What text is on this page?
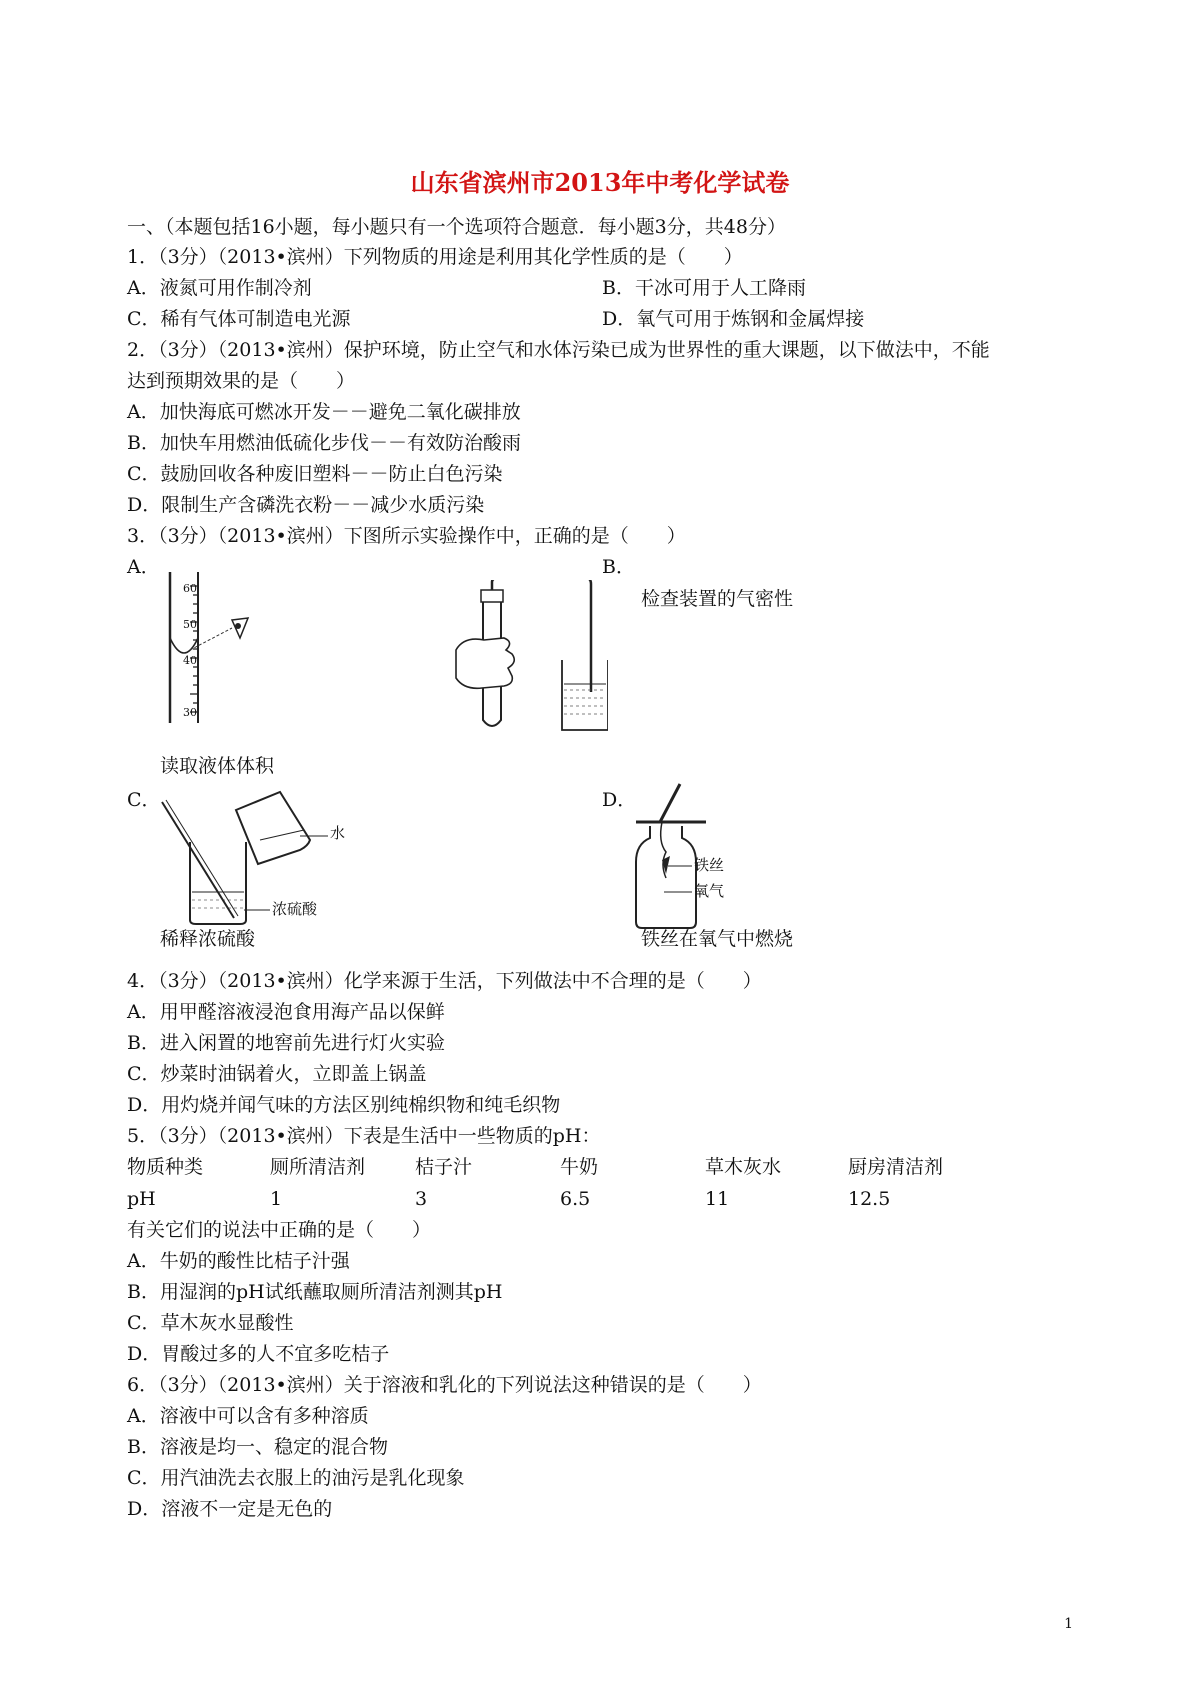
山东省滨州市2013年中考化学试卷
一、（本题包括16小题，每小题只有一个选项符合题意．每小题3分，共48分）
1．（3分）（2013•滨州）下列物质的用途是利用其化学性质的是（　　）
A．液氮可用作制冷剂	B．干冰可用于人工降雨
C．稀有气体可制造电光源	D．氧气可用于炼钢和金属焊接
2．（3分）（2013•滨州）保护环境，防止空气和水体污染已成为世界性的重大课题，以下做法中，不能
达到预期效果的是（　　）
A．加快海底可燃冰开发－－避免二氧化碳排放
B．加快车用燃油低硫化步伐－－有效防治酸雨
C．鼓励回收各种废旧塑料－－防止白色污染
D．限制生产含磷洗衣粉－－减少水质污染
3．（3分）（2013•滨州）下图所示实验操作中，正确的是（　　）
A．	B．
检查装置的气密性
60
50
40
30
读取液体体积
C．	D．
水
浓硫酸
铁丝
氧气
稀释浓硫酸	铁丝在氧气中燃烧
4．（3分）（2013•滨州）化学来源于生活，下列做法中不合理的是（　　）
A．用甲醛溶液浸泡食用海产品以保鲜
B．进入闲置的地窖前先进行灯火实验
C．炒菜时油锅着火，立即盖上锅盖
D．用灼烧并闻气味的方法区别纯棉织物和纯毛织物
5．（3分）（2013•滨州）下表是生活中一些物质的pH：
物质种类	厕所清洁剂	桔子汁	牛奶	草木灰水	厨房清洁剂
pH	1	3	6.5	11	12.5
有关它们的说法中正确的是（　　）
A．牛奶的酸性比桔子汁强
B．用湿润的pH试纸蘸取厕所清洁剂测其pH
C．草木灰水显酸性
D．胃酸过多的人不宜多吃桔子
6．（3分）（2013•滨州）关于溶液和乳化的下列说法这种错误的是（　　）
A．溶液中可以含有多种溶质
B．溶液是均一、稳定的混合物
C．用汽油洗去衣服上的油污是乳化现象
D．溶液不一定是无色的
1
